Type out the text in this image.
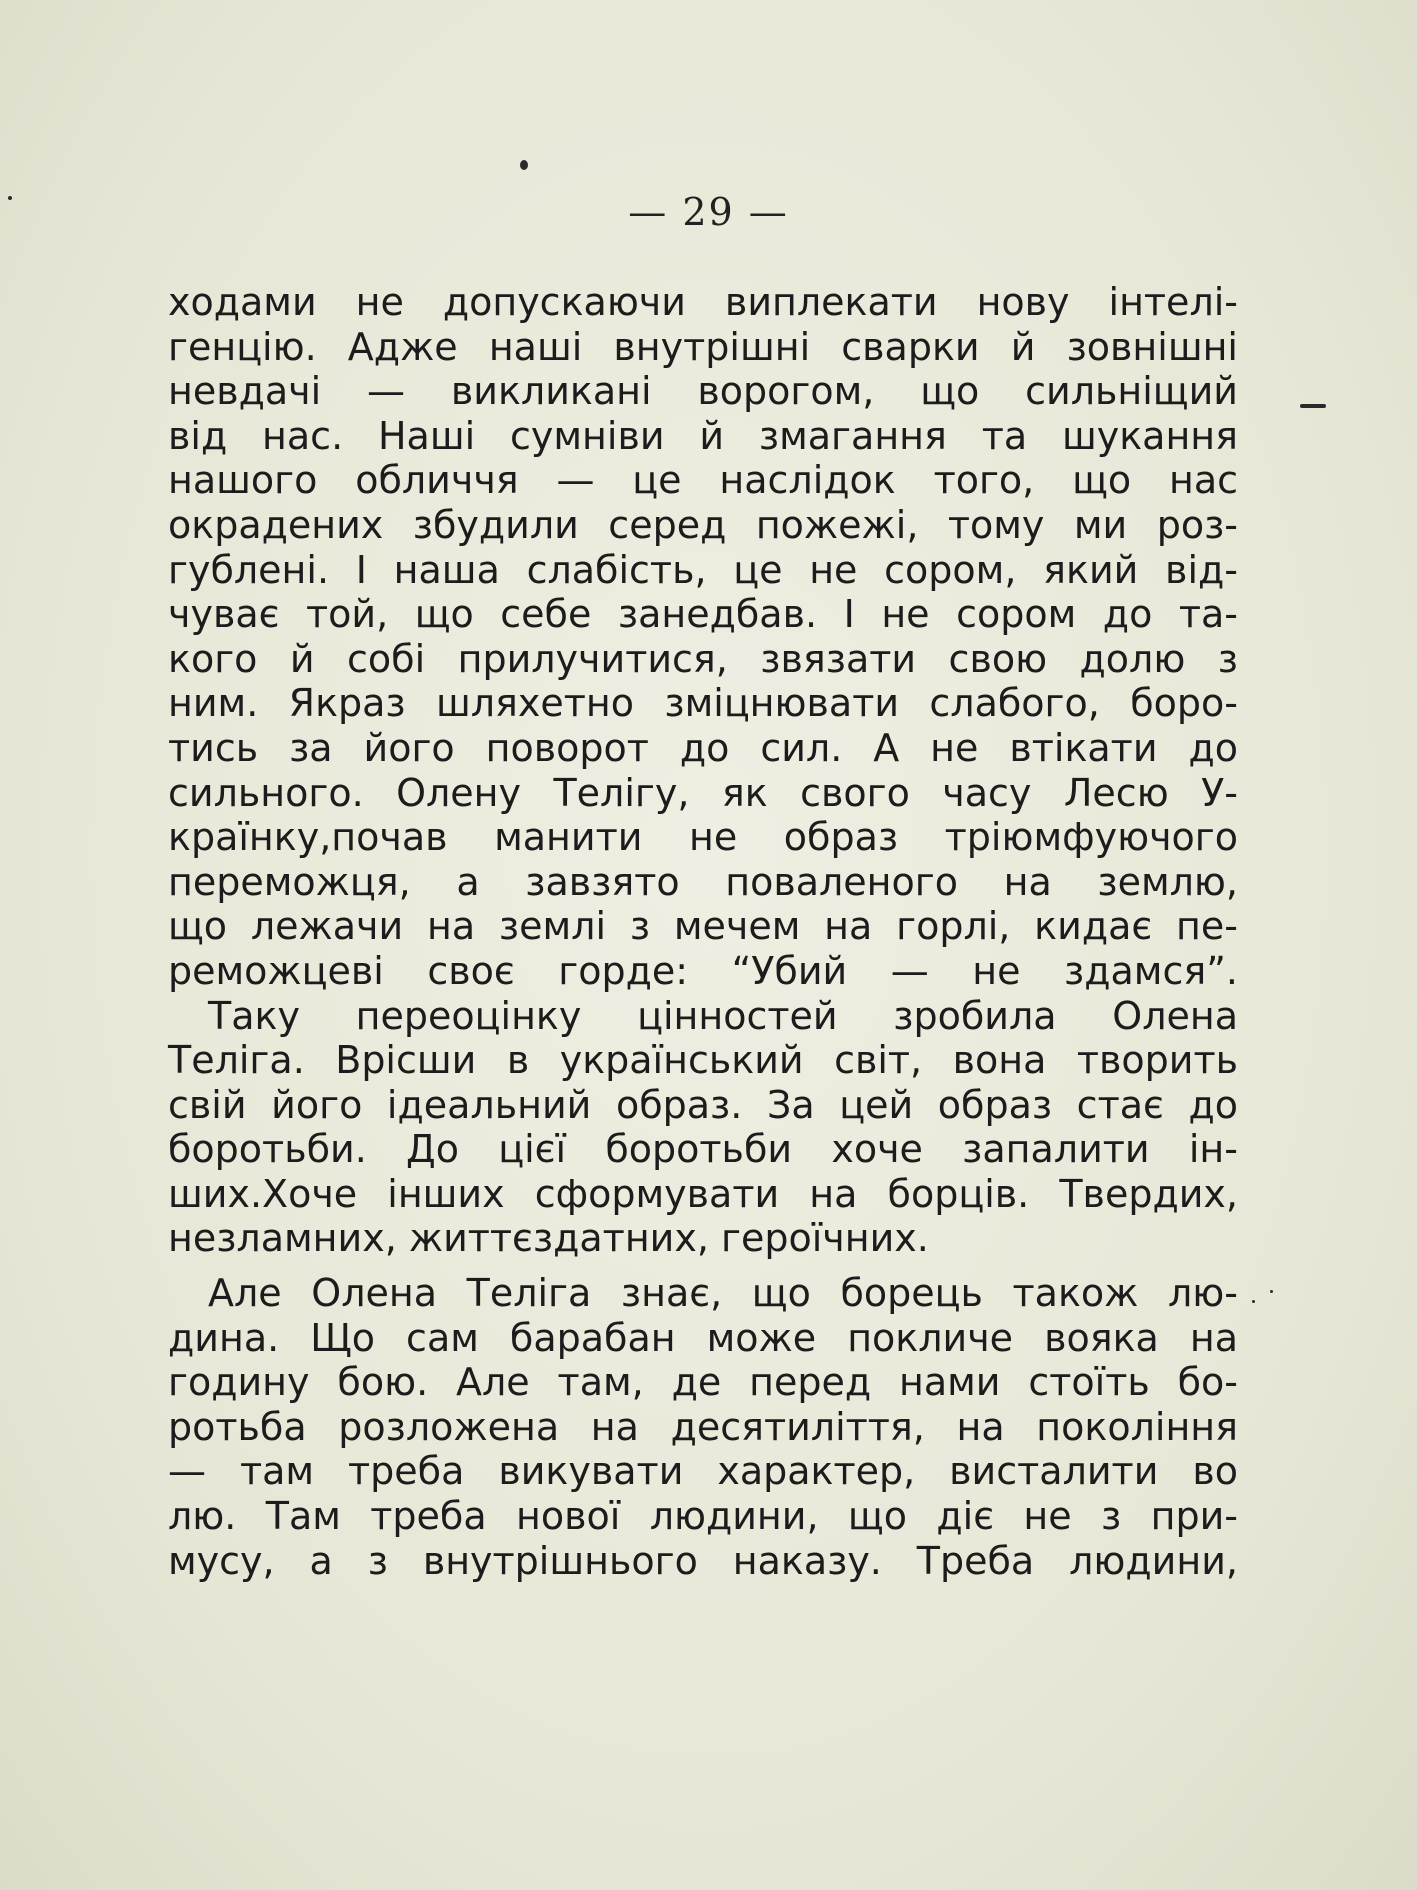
— 29 —
ходами не допускаючи виплекати нову інтелі-
генцію. Адже наші внутрішні сварки й зовнішні
невдачі — викликані ворогом, що сильніщий
від нас. Наші сумніви й змагання та шукання
нашого обличчя — це наслідок того, що нас
окрадених збудили серед пожежі, тому ми роз-
гублені. І наша слабість, це не сором, який від-
чуває той, що себе занедбав. І не сором до та-
кого й собі прилучитися, звязати свою долю з
ним. Якраз шляхетно зміцнювати слабого, боро-
тись за його поворот до сил. А не втікати до
сильного. Олену Телігу, як свого часу Лесю У-
країнку,почав манити не образ тріюмфуючого
переможця, а завзято поваленого на землю,
що лежачи на землі з мечем на горлі, кидає пе-
реможцеві своє горде: “Убий — не здамся”.
Таку переоцінку цінностей зробила Олена
Теліга. Врісши в український світ, вона творить
свій його ідеальний образ. За цей образ стає до
боротьби. До цієї боротьби хоче запалити ін-
ших.Хоче інших сформувати на борців. Твердих,
незламних, життєздатних, героїчних.
Але Олена Теліга знає, що борець також лю-
дина. Що сам барабан може покличе вояка на
годину бою. Але там, де перед нами стоїть бо-
ротьба розложена на десятиліття, на покоління
— там треба викувати характер, висталити во
лю. Там треба нової людини, що діє не з при-
мусу, а з внутрішнього наказу. Треба людини,
